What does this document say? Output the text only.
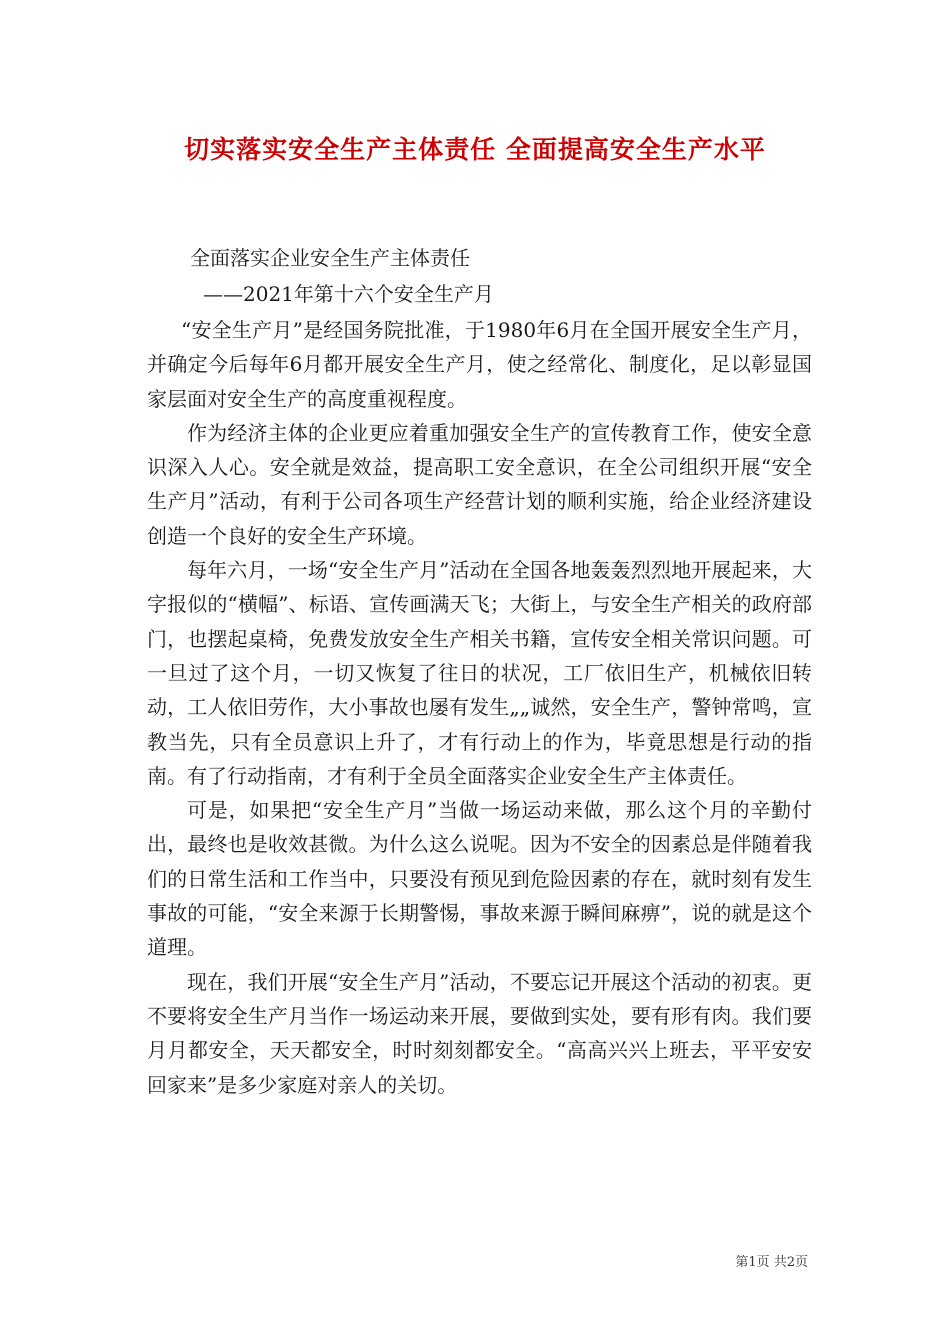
切实落实安全生产主体责任 全面提高安全生产水平
全面落实企业安全生产主体责任
——2021年第十六个安全生产月

“安全生产月”是经国务院批准，于1980年6月在全国开展安全生产月，并确定今后每年6月都开展安全生产月，使之经常化、制度化，足以彰显国家层面对安全生产的高度重视程度。

作为经济主体的企业更应着重加强安全生产的宣传教育工作，使安全意识深入人心。安全就是效益，提高职工安全意识，在全公司组织开展“安全生产月”活动，有利于公司各项生产经营计划的顺利实施，给企业经济建设创造一个良好的安全生产环境。

每年六月，一场“安全生产月”活动在全国各地轰轰烈烈地开展起来，大字报似的“横幅”、标语、宣传画满天飞；大街上，与安全生产相关的政府部门，也摆起桌椅，免费发放安全生产相关书籍，宣传安全相关常识问题。可一旦过了这个月，一切又恢复了往日的状况，工厂依旧生产，机械依旧转动，工人依旧劳作，大小事故也屡有发生„„诚然，安全生产，警钟常鸣，宣教当先，只有全员意识上升了，才有行动上的作为，毕竟思想是行动的指南。有了行动指南，才有利于全员全面落实企业安全生产主体责任。

可是，如果把“安全生产月”当做一场运动来做，那么这个月的辛勤付出，最终也是收效甚微。为什么这么说呢。因为不安全的因素总是伴随着我们的日常生活和工作当中，只要没有预见到危险因素的存在，就时刻有发生事故的可能，“安全来源于长期警惕，事故来源于瞬间麻痹”，说的就是这个道理。

现在，我们开展“安全生产月”活动，不要忘记开展这个活动的初衷。更不要将安全生产月当作一场运动来开展，要做到实处，要有形有肉。我们要月月都安全，天天都安全，时时刻刻都安全。“高高兴兴上班去，平平安安回家来”是多少家庭对亲人的关切。

第1页 共2页
